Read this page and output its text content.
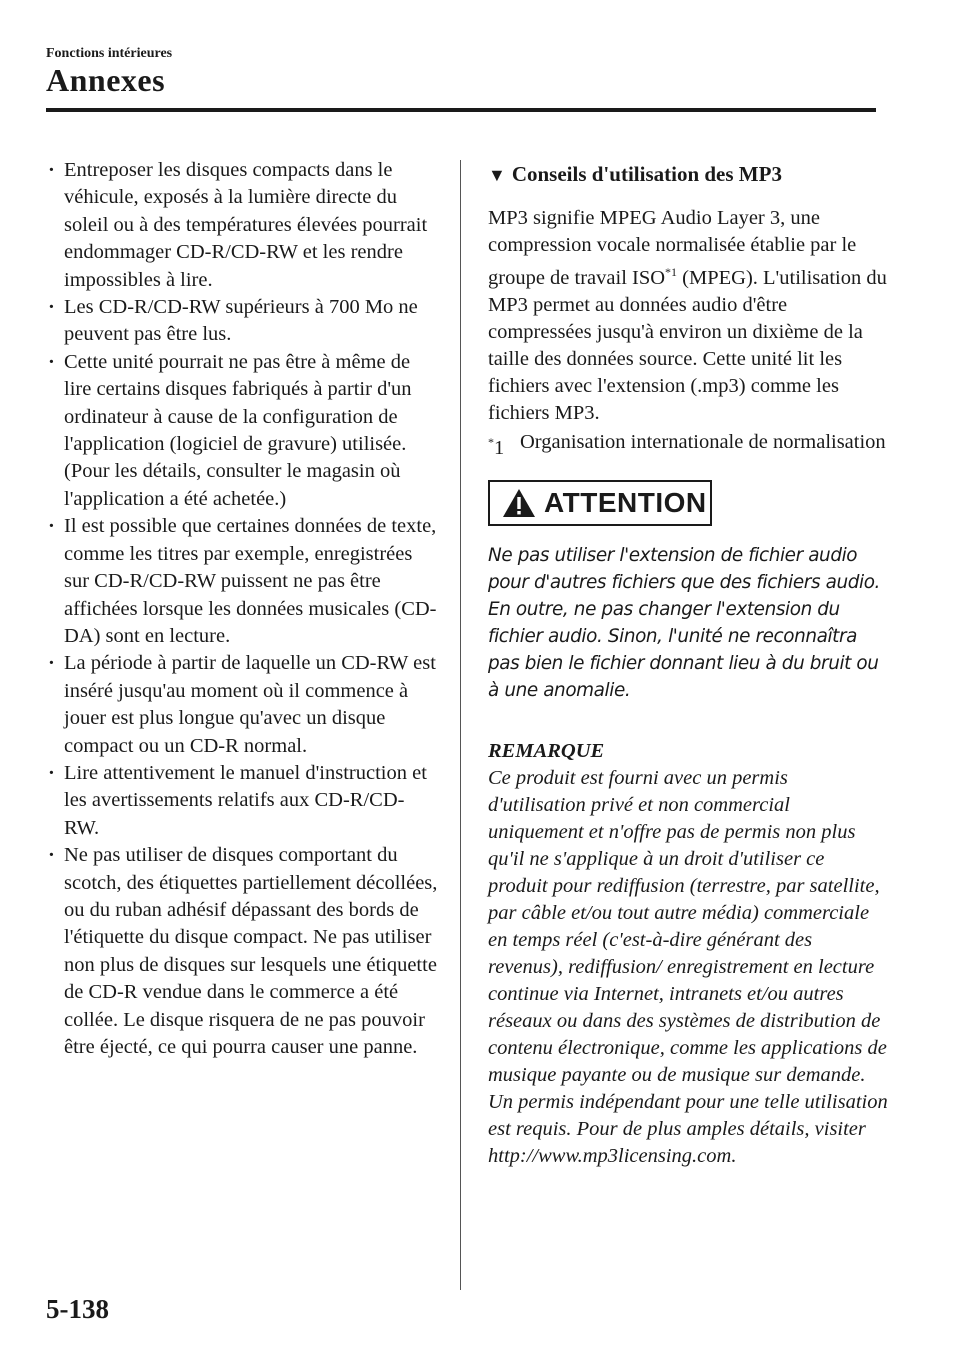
Fonctions intérieures
Annexes
· Entreposer les disques compacts dans le véhicule, exposés à la lumière directe du soleil ou à des températures élevées pourrait endommager CD-R/CD-RW et les rendre impossibles à lire.
· Les CD-R/CD-RW supérieurs à 700 Mo ne peuvent pas être lus.
· Cette unité pourrait ne pas être à même de lire certains disques fabriqués à partir d'un ordinateur à cause de la configuration de l'application (logiciel de gravure) utilisée. (Pour les détails, consulter le magasin où l'application a été achetée.)
· Il est possible que certaines données de texte, comme les titres par exemple, enregistrées sur CD-R/CD-RW puissent ne pas être affichées lorsque les données musicales (CD-DA) sont en lecture.
· La période à partir de laquelle un CD-RW est inséré jusqu'au moment où il commence à jouer est plus longue qu'avec un disque compact ou un CD-R normal.
· Lire attentivement le manuel d'instruction et les avertissements relatifs aux CD-R/CD-RW.
· Ne pas utiliser de disques comportant du scotch, des étiquettes partiellement décollées, ou du ruban adhésif dépassant des bords de l'étiquette du disque compact. Ne pas utiliser non plus de disques sur lesquels une étiquette de CD-R vendue dans le commerce a été collée. Le disque risquera de ne pas pouvoir être éjecté, ce qui pourra causer une panne.
▼ Conseils d'utilisation des MP3
MP3 signifie MPEG Audio Layer 3, une compression vocale normalisée établie par le groupe de travail ISO$^{*1}$ (MPEG). L'utilisation du MP3 permet au données audio d'être compressées jusqu'à environ un dixième de la taille des données source. Cette unité lit les fichiers avec l'extension (.mp3) comme les fichiers MP3.
*1 Organisation internationale de normalisation
ATTENTION
Ne pas utiliser l'extension de fichier audio pour d'autres fichiers que des fichiers audio. En outre, ne pas changer l'extension du fichier audio. Sinon, l'unité ne reconnaîtra pas bien le fichier donnant lieu à du bruit ou à une anomalie.
REMARQUE
Ce produit est fourni avec un permis d'utilisation privé et non commercial uniquement et n'offre pas de permis non plus qu'il ne s'applique à un droit d'utiliser ce produit pour rediffusion (terrestre, par satellite, par câble et/ou tout autre média) commerciale en temps réel (c'est-à-dire générant des revenus), rediffusion/ enregistrement en lecture continue via Internet, intranets et/ou autres réseaux ou dans des systèmes de distribution de contenu électronique, comme les applications de musique payante ou de musique sur demande. Un permis indépendant pour une telle utilisation est requis. Pour de plus amples détails, visiter http://www.mp3licensing.com.
5-138
